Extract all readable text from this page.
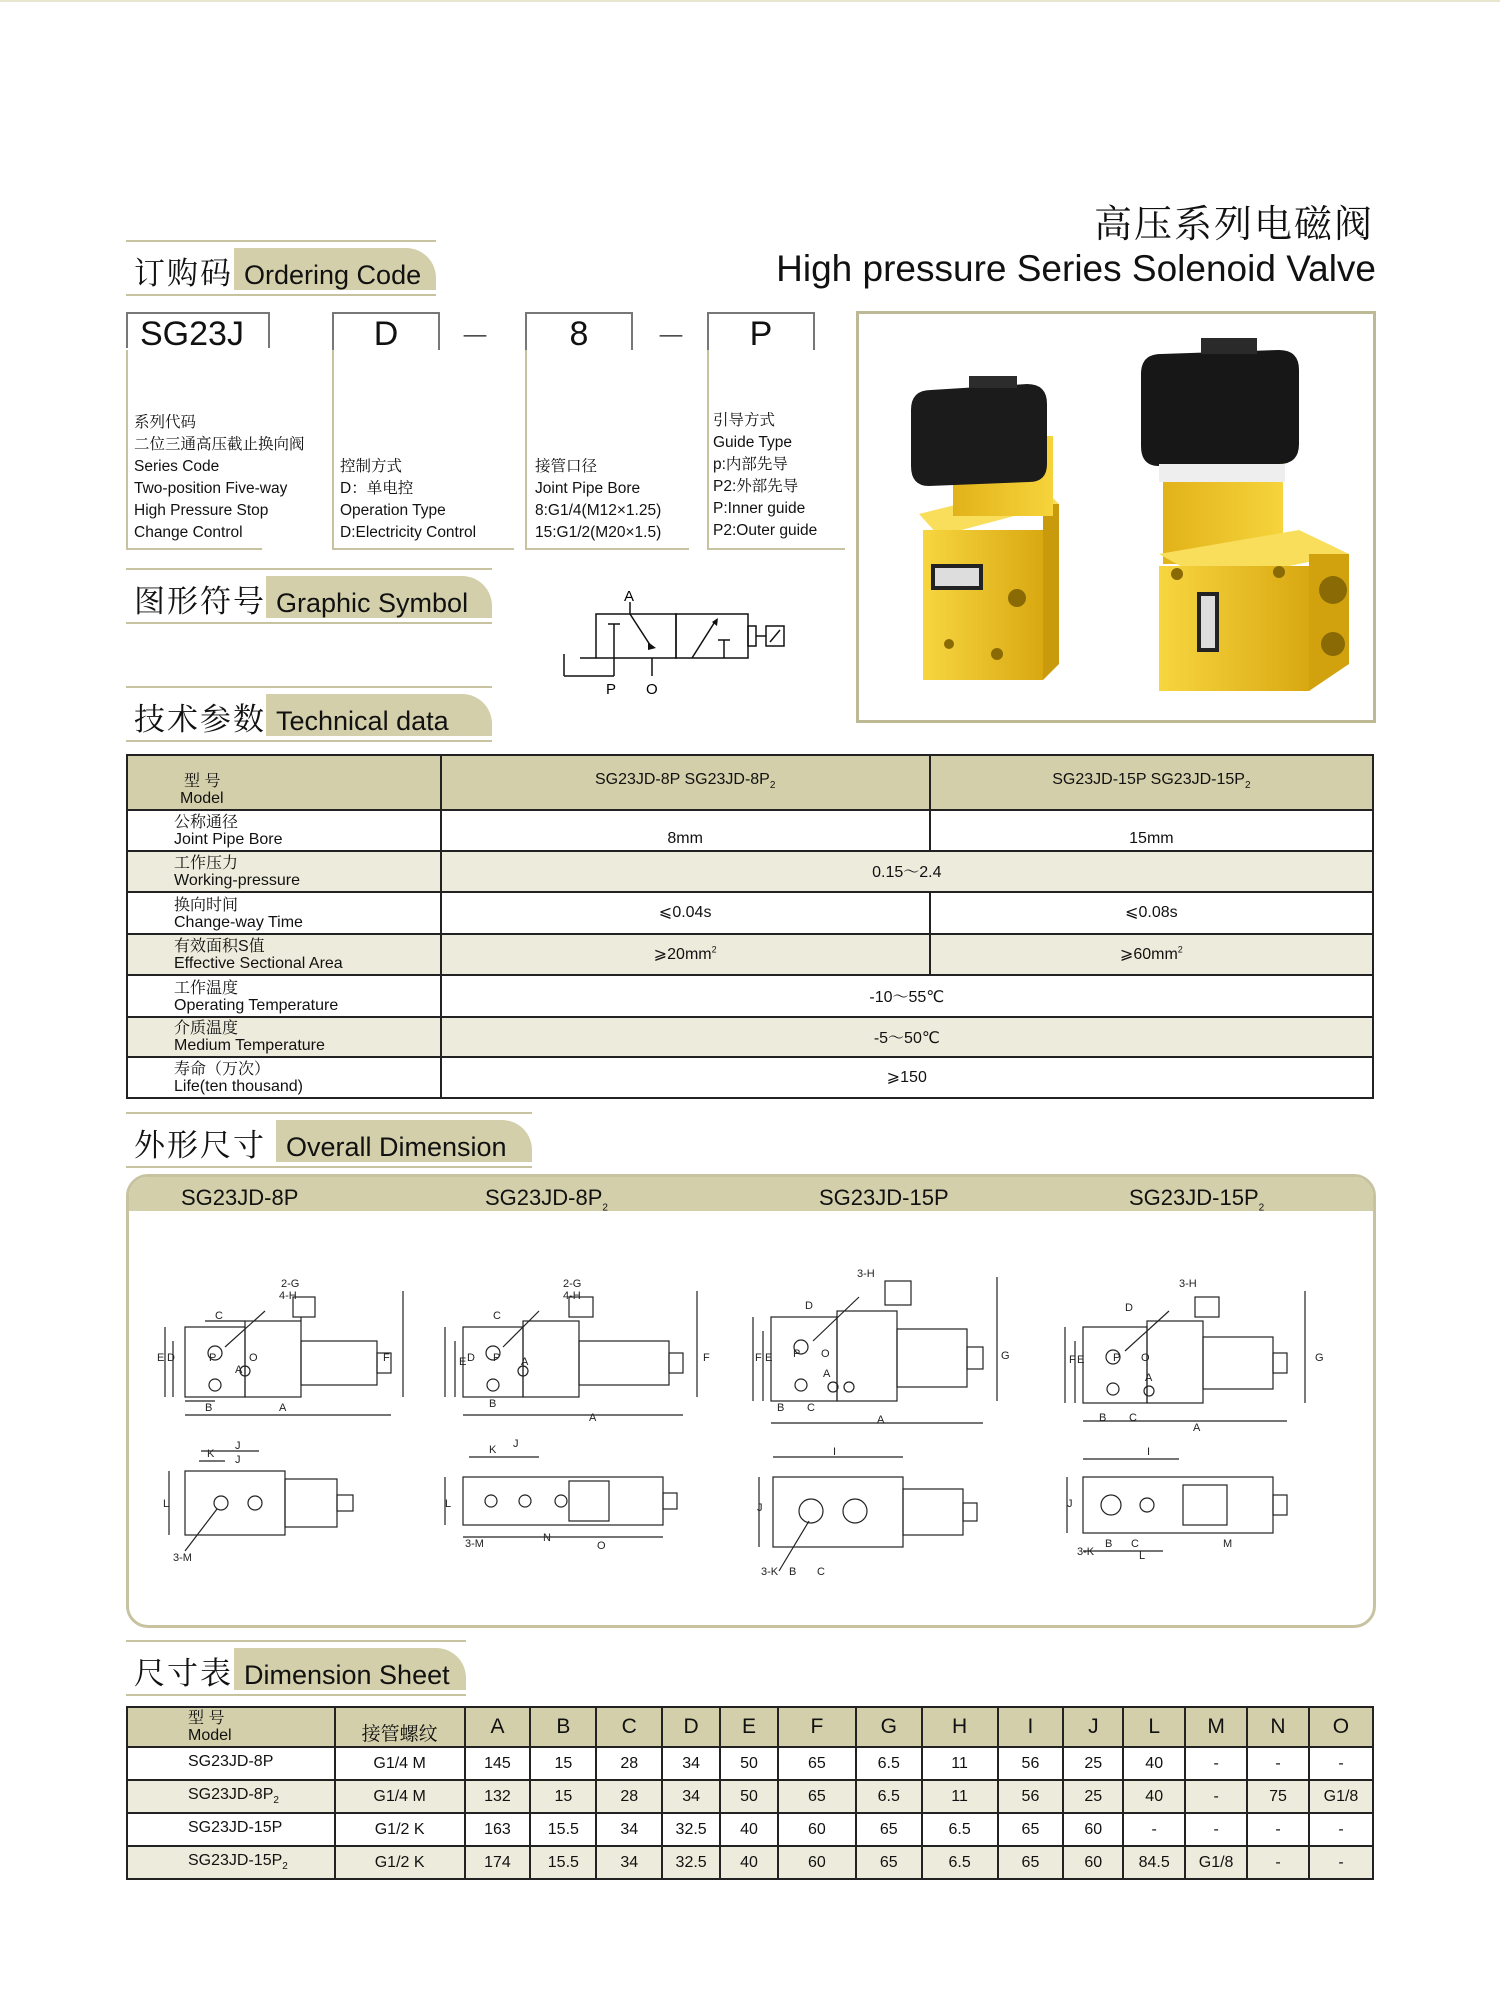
高压系列电磁阀
High pressure Series Solenoid Valve
订购码 Ordering Code
SG23J	D	－	8	－	P
系列代码
二位三通高压截止换向阀
Series Code
Two-position Five-way
High Pressure Stop
Change Control
控制方式
D：单电控
Operation Type
D:Electricity Control
接管口径
Joint Pipe Bore
8:G1/4(M12×1.25)
15:G1/2(M20×1.5)
引导方式
Guide Type
p:内部先导
P2:外部先导
P:Inner guide
P2:Outer guide
图形符号 Graphic Symbol	A
P O
技术参数 Technical data
型 号
Model	SG23JD-8P $SG23JD-8P_2$	SG23JD-15P $SG23JD-15P_2$

公称通径
Joint Pipe Bore	8mm	15mm

工作压力
Working-pressure	0.15～2.4	

换向时间
Change-way Time	⩽0.04s	⩽0.08s

有效面积S值
Effective Sectional Area	$⩾20mm^2$	$⩾60mm^2$

工作温度
Operating Temperature	-10～55℃	

介质温度
Medium Temperature	-5～50℃	

寿命（万次）
Life(ten thousand)	⩾150	
外形尺寸 Overall Dimension
SG23JD-8P	$SG23JD-8P_2$	SG23JD-15P	$SG23JD-15P_2$
2-G
4-H
C
E D	P	O
A
B	A
F
K
J
J
L
3-M
2-G
4-H
C
E D P A
B
A
F
K J
L
3-M	N
O
3-H
D
F E P O
A
B C
A
G
I
J
3-K B C
3-H
D
F E	P O
A
B C
A
G
I
J
3-K
B C
L
M
尺寸表 Dimension Sheet
型 号
Model	接管螺纹	A	B	C	D	E	F	G	H	I	J	L	M	N	O
SG23JD-8P	G1/4 M	145	15	28	34	50	65	6.5	11	56	25	40	-	-	-
$SG23JD-8P_2$	G1/4 M	132	15	28	34	50	65	6.5	11	56	25	40	-	75	G1/8
SG23JD-15P	G1/2 K	163	15.5	34	32.5	40	60	65	6.5	65	60	-	-	-	-
$SG23JD-15P_2$	G1/2 K	174	15.5	34	32.5	40	60	65	6.5	65	60	84.5	G1/8	-	-
